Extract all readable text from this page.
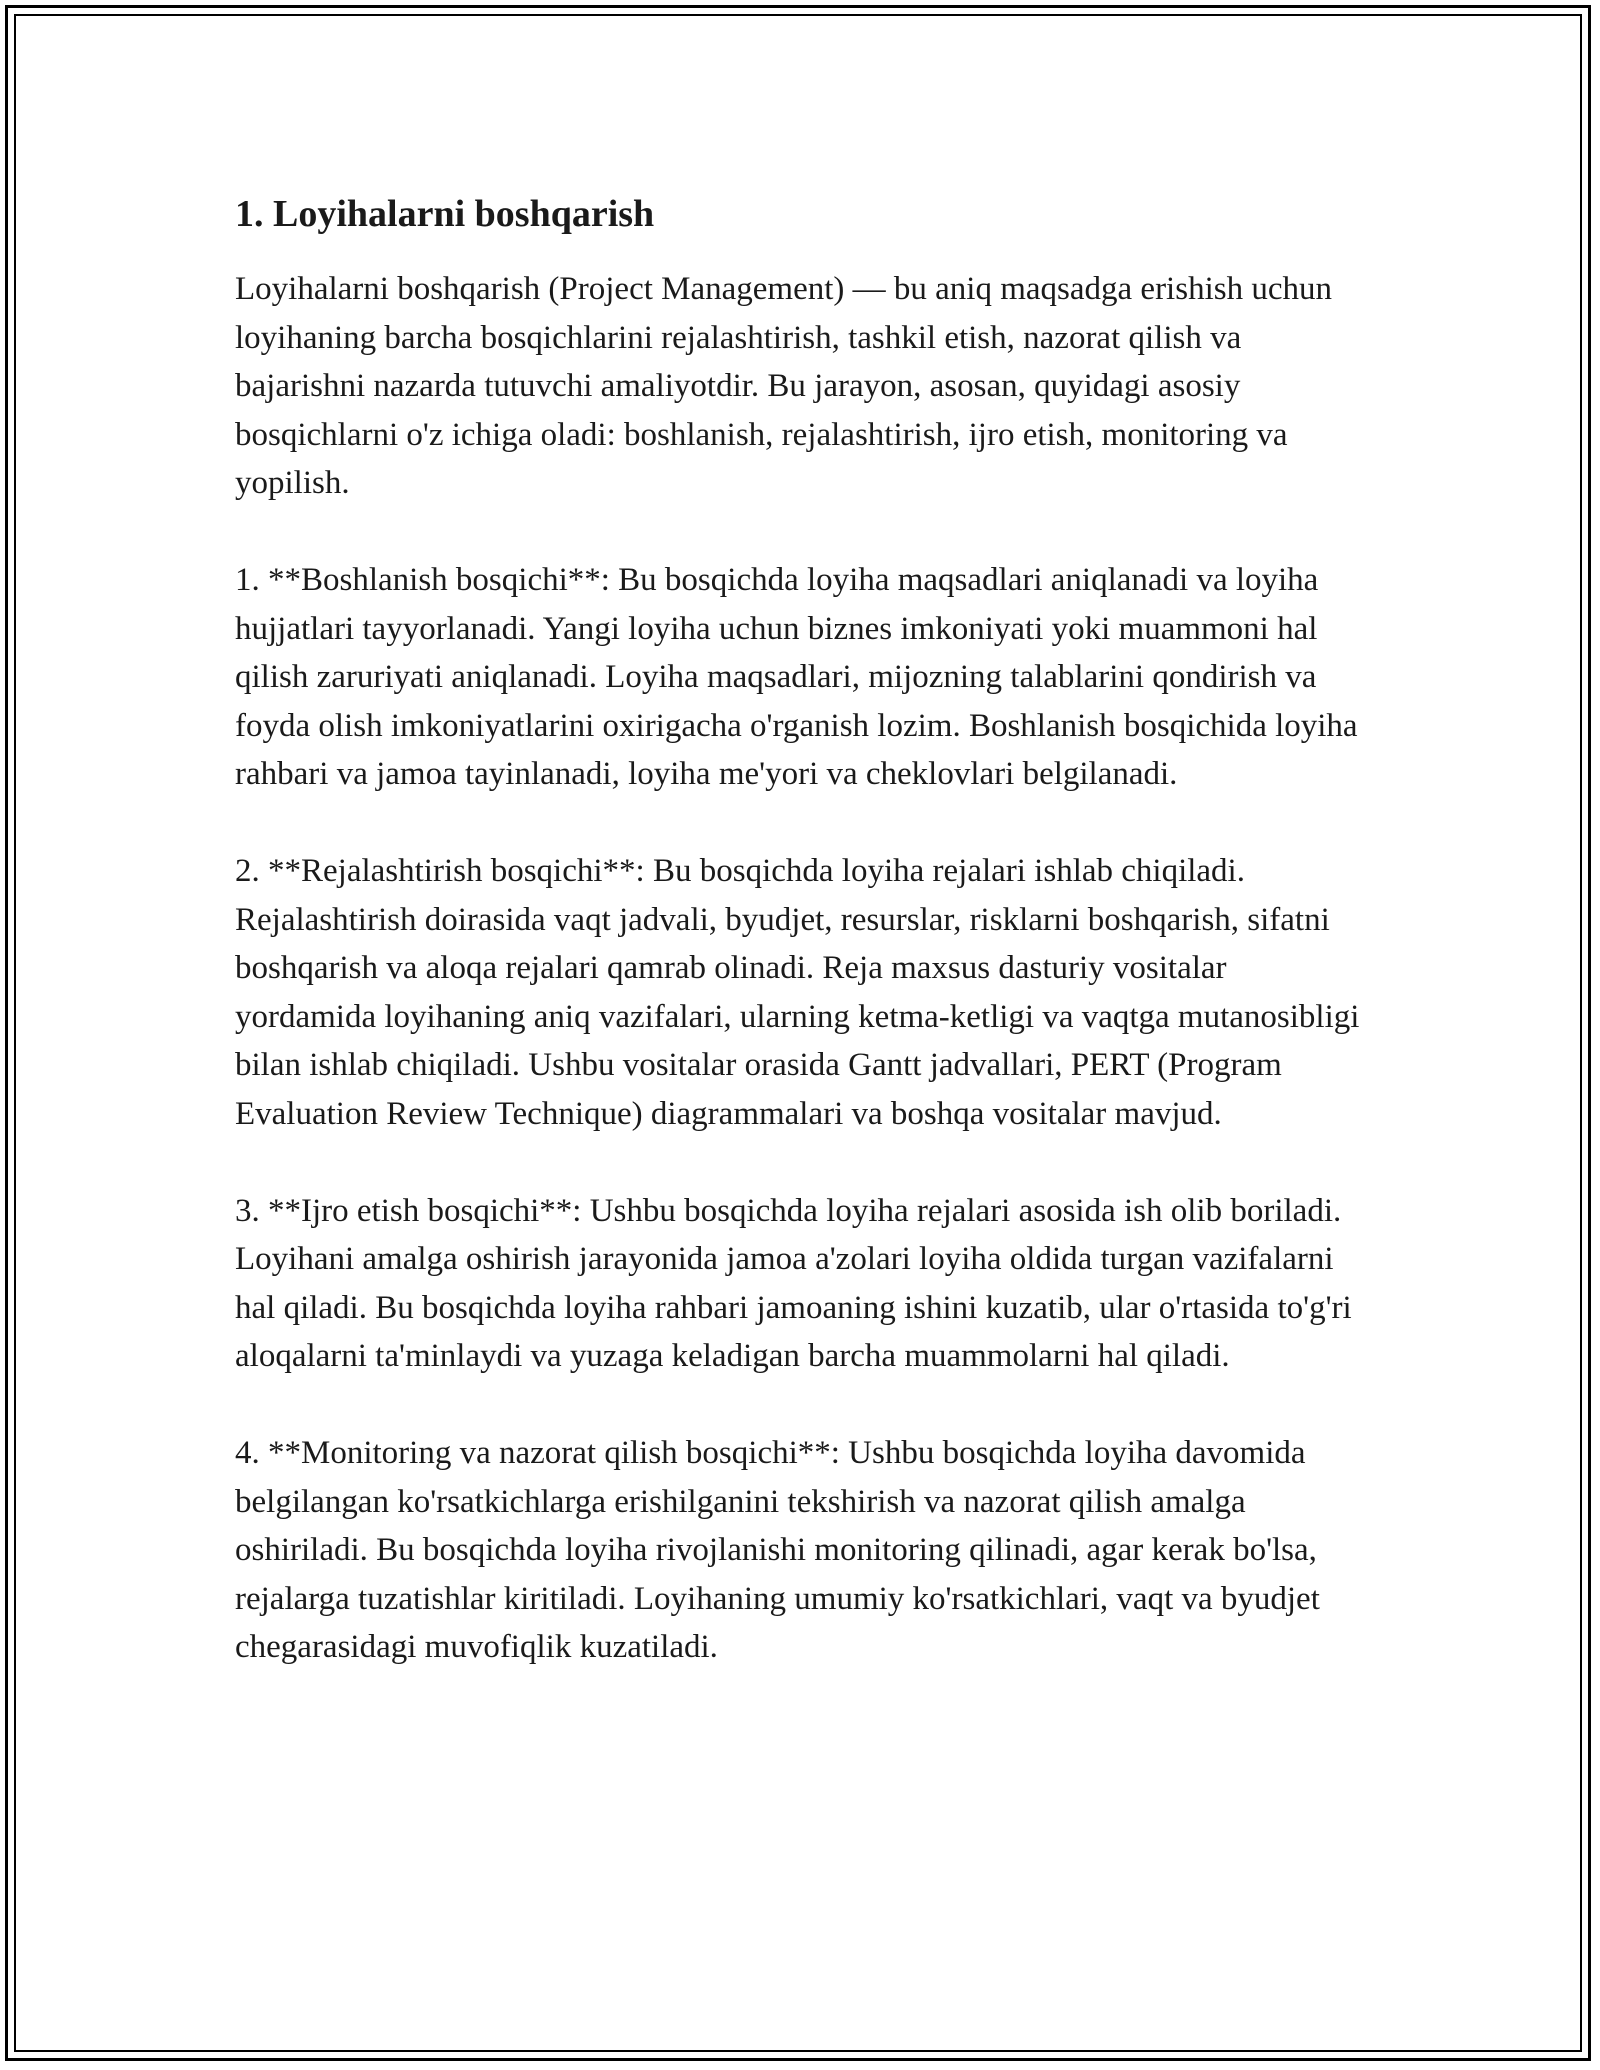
1. Loyihalarni boshqarish

Loyihalarni boshqarish (Project Management) — bu aniq maqsadga erishish uchun loyihaning barcha bosqichlarini rejalashtirish, tashkil etish, nazorat qilish va bajarishni nazarda tutuvchi amaliyotdir. Bu jarayon, asosan, quyidagi asosiy bosqichlarni o'z ichiga oladi: boshlanish, rejalashtirish, ijro etish, monitoring va yopilish.

1. **Boshlanish bosqichi**: Bu bosqichda loyiha maqsadlari aniqlanadi va loyiha hujjatlari tayyorlanadi. Yangi loyiha uchun biznes imkoniyati yoki muammoni hal qilish zaruriyati aniqlanadi. Loyiha maqsadlari, mijozning talablarini qondirish va foyda olish imkoniyatlarini oxirigacha o'rganish lozim. Boshlanish bosqichida loyiha rahbari va jamoa tayinlanadi, loyiha me'yori va cheklovlari belgilanadi.

2. **Rejalashtirish bosqichi**: Bu bosqichda loyiha rejalari ishlab chiqiladi. Rejalashtirish doirasida vaqt jadvali, byudjet, resurslar, risklarni boshqarish, sifatni boshqarish va aloqa rejalari qamrab olinadi. Reja maxsus dasturiy vositalar yordamida loyihaning aniq vazifalari, ularning ketma-ketligi va vaqtga mutanosibligi bilan ishlab chiqiladi. Ushbu vositalar orasida Gantt jadvallari, PERT (Program Evaluation Review Technique) diagrammalari va boshqa vositalar mavjud.

3. **Ijro etish bosqichi**: Ushbu bosqichda loyiha rejalari asosida ish olib boriladi. Loyihani amalga oshirish jarayonida jamoa a'zolari loyiha oldida turgan vazifalarni hal qiladi. Bu bosqichda loyiha rahbari jamoaning ishini kuzatib, ular o'rtasida to'g'ri aloqalarni ta'minlaydi va yuzaga keladigan barcha muammolarni hal qiladi.

4. **Monitoring va nazorat qilish bosqichi**: Ushbu bosqichda loyiha davomida belgilangan ko'rsatkichlarga erishilganini tekshirish va nazorat qilish amalga oshiriladi. Bu bosqichda loyiha rivojlanishi monitoring qilinadi, agar kerak bo'lsa, rejalarga tuzatishlar kiritiladi. Loyihaning umumiy ko'rsatkichlari, vaqt va byudjet chegarasidagi muvofiqlik kuzatiladi.
